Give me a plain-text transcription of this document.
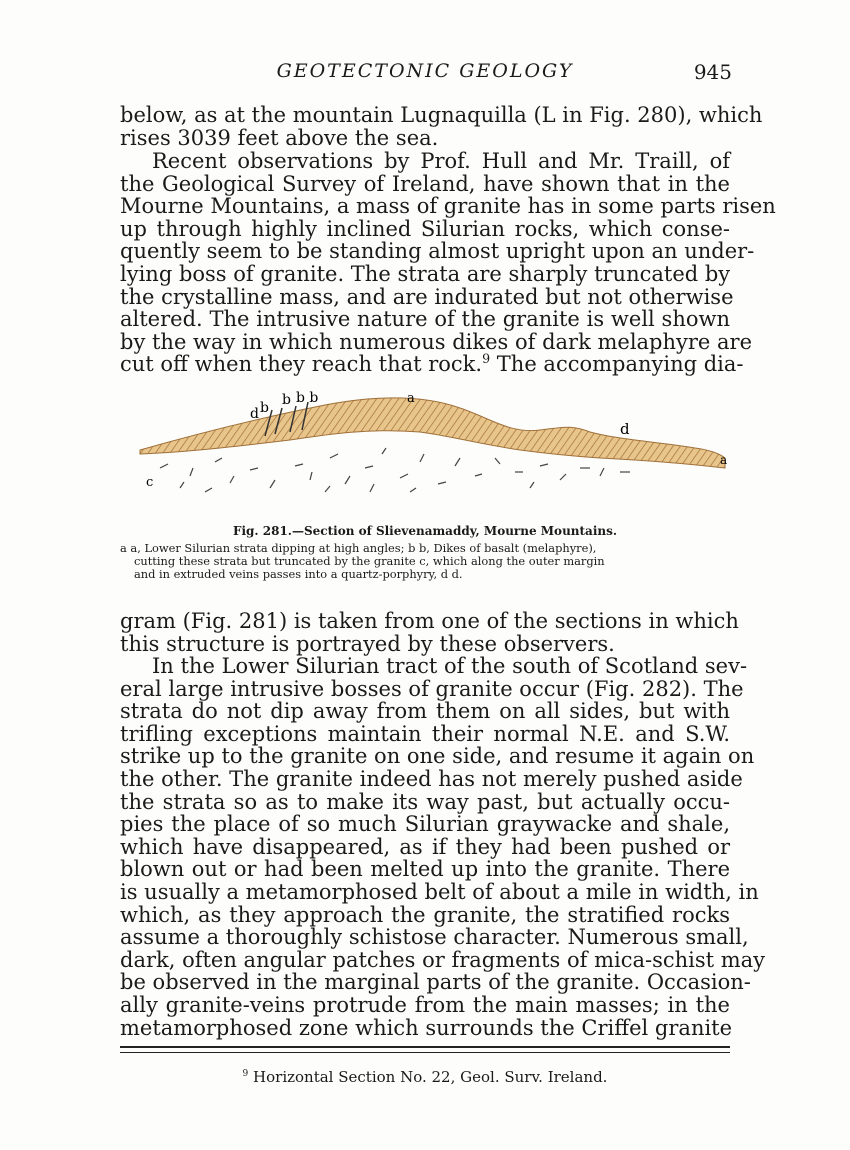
GEOTECTONIC GEOLOGY	945
below, as at the mountain Lugnaquilla (L in Fig. 280), which
rises 3039 feet above the sea.
Recent observations by Prof. Hull and Mr. Traill, of
the Geological Survey of Ireland, have shown that in the
Mourne Mountains, a mass of granite has in some parts risen
up through highly inclined Silurian rocks, which conse-
quently seem to be standing almost upright upon an under-
lying boss of granite. The strata are sharply truncated by
the crystalline mass, and are indurated but not otherwise
altered. The intrusive nature of the granite is well shown
by the way in which numerous dikes of dark melaphyre are
cut off when they reach that rock.$^9$ The accompanying dia-
d b b b b	a
d
a
c
Fig. 281.—Section of Slievenamaddy, Mourne Mountains.
a a, Lower Silurian strata dipping at high angles; b b, Dikes of basalt (melaphyre),
cutting these strata but truncated by the granite c, which along the outer margin
and in extruded veins passes into a quartz-porphyry, d d.
gram (Fig. 281) is taken from one of the sections in which
this structure is portrayed by these observers.
In the Lower Silurian tract of the south of Scotland sev-
eral large intrusive bosses of granite occur (Fig. 282). The
strata do not dip away from them on all sides, but with
trifling exceptions maintain their normal N.E. and S.W.
strike up to the granite on one side, and resume it again on
the other. The granite indeed has not merely pushed aside
the strata so as to make its way past, but actually occu-
pies the place of so much Silurian graywacke and shale,
which have disappeared, as if they had been pushed or
blown out or had been melted up into the granite. There
is usually a metamorphosed belt of about a mile in width, in
which, as they approach the granite, the stratified rocks
assume a thoroughly schistose character. Numerous small,
dark, often angular patches or fragments of mica-schist may
be observed in the marginal parts of the granite. Occasion-
ally granite-veins protrude from the main masses; in the
metamorphosed zone which surrounds the Criffel granite
$^9$ Horizontal Section No. 22, Geol. Surv. Ireland.
